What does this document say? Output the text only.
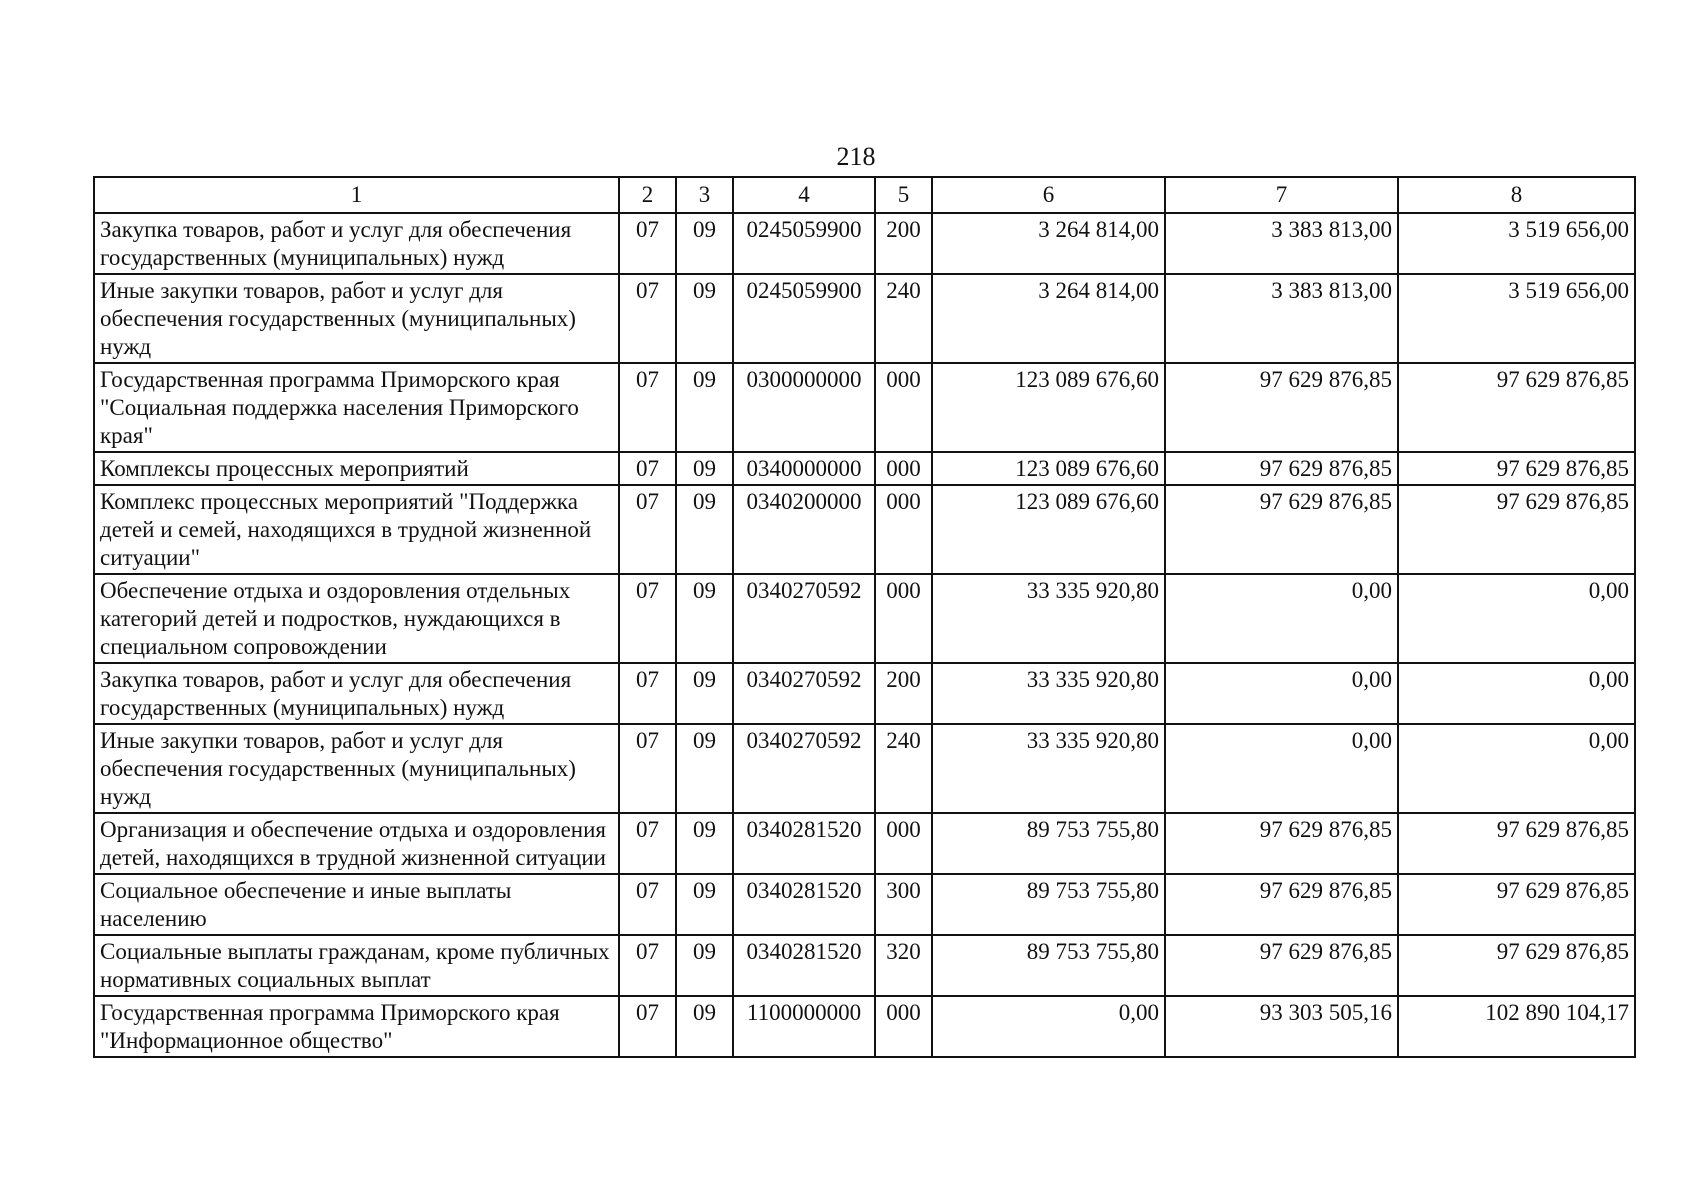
218
1	2	3	4	5	6	7	8
Закупка товаров, работ и услуг для обеспечения государственных (муниципальных) нужд	07	09	0245059900	200	3 264 814,00	3 383 813,00	3 519 656,00
Иные закупки товаров, работ и услуг для обеспечения государственных (муниципальных) нужд	07	09	0245059900	240	3 264 814,00	3 383 813,00	3 519 656,00
Государственная программа Приморского края "Социальная поддержка населения Приморского края"	07	09	0300000000	000	123 089 676,60	97 629 876,85	97 629 876,85
Комплексы процессных мероприятий	07	09	0340000000	000	123 089 676,60	97 629 876,85	97 629 876,85
Комплекс процессных мероприятий "Поддержка детей и семей, находящихся в трудной жизненной ситуации"	07	09	0340200000	000	123 089 676,60	97 629 876,85	97 629 876,85
Обеспечение отдыха и оздоровления отдельных категорий детей и подростков, нуждающихся в специальном сопровождении	07	09	0340270592	000	33 335 920,80	0,00	0,00
Закупка товаров, работ и услуг для обеспечения государственных (муниципальных) нужд	07	09	0340270592	200	33 335 920,80	0,00	0,00
Иные закупки товаров, работ и услуг для обеспечения государственных (муниципальных) нужд	07	09	0340270592	240	33 335 920,80	0,00	0,00
Организация и обеспечение отдыха и оздоровления детей, находящихся в трудной жизненной ситуации	07	09	0340281520	000	89 753 755,80	97 629 876,85	97 629 876,85
Социальное обеспечение и иные выплаты населению	07	09	0340281520	300	89 753 755,80	97 629 876,85	97 629 876,85
Социальные выплаты гражданам, кроме публичных нормативных социальных выплат	07	09	0340281520	320	89 753 755,80	97 629 876,85	97 629 876,85
Государственная программа Приморского края "Информационное общество"	07	09	1100000000	000	0,00	93 303 505,16	102 890 104,17
